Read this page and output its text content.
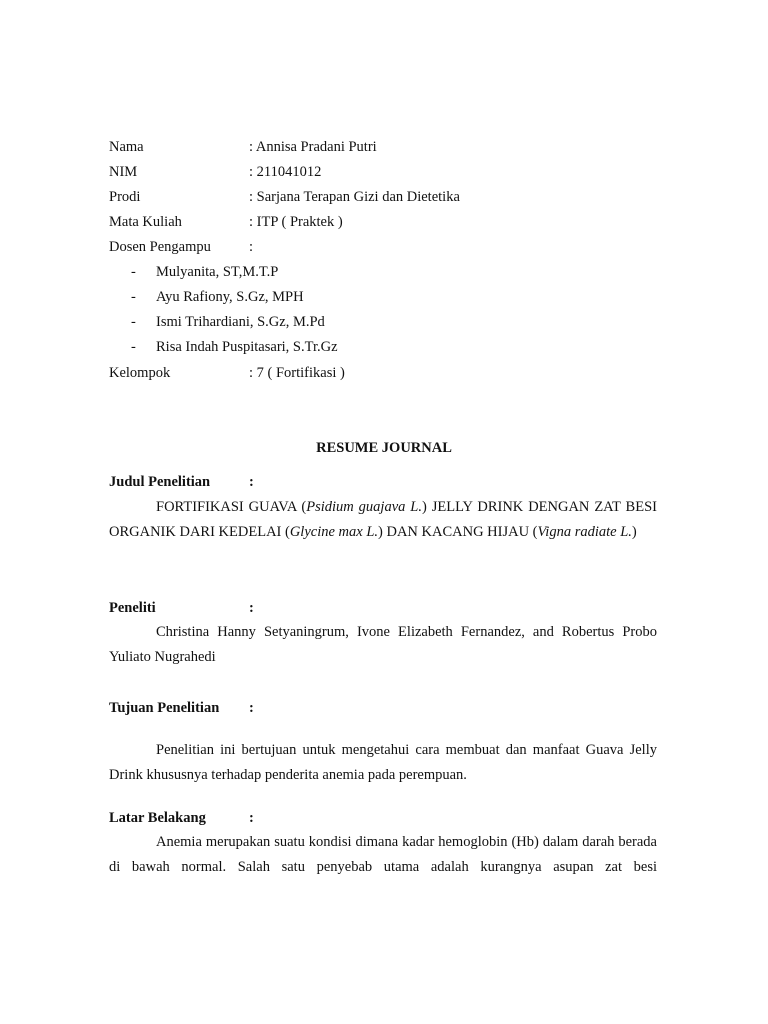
Nama	: Annisa Pradani Putri
NIM	: 211041012
Prodi	: Sarjana Terapan Gizi dan Dietetika
Mata Kuliah	: ITP ( Praktek )
Dosen Pengampu	:
- Mulyanita, ST,M.T.P
- Ayu Rafiony, S.Gz, MPH
- Ismi Trihardiani, S.Gz, M.Pd
- Risa Indah Puspitasari, S.Tr.Gz
Kelompok	: 7 ( Fortifikasi )
RESUME JOURNAL
Judul Penelitian	:
FORTIFIKASI GUAVA (Psidium guajava L.) JELLY DRINK DENGAN ZAT BESI ORGANIK DARI KEDELAI (Glycine max L.) DAN KACANG HIJAU (Vigna radiate L.)
Peneliti	:
Christina Hanny Setyaningrum, Ivone Elizabeth Fernandez, and Robertus Probo Yuliato Nugrahedi
Tujuan Penelitian :
Penelitian ini bertujuan untuk mengetahui cara membuat dan manfaat Guava Jelly Drink khususnya terhadap penderita anemia pada perempuan.
Latar Belakang	:
Anemia merupakan suatu kondisi dimana kadar hemoglobin (Hb) dalam darah berada di bawah normal. Salah satu penyebab utama adalah kurangnya asupan zat besi
